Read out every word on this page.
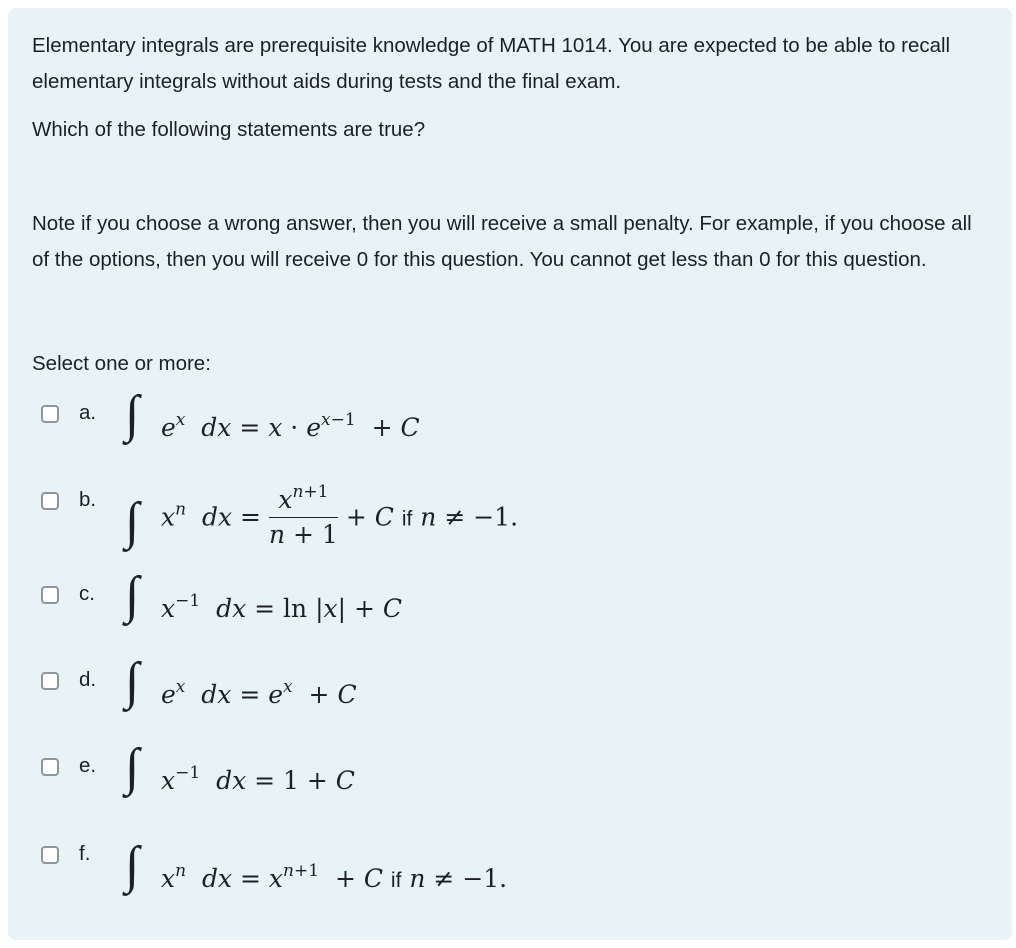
Elementary integrals are prerequisite knowledge of MATH 1014. You are expected to be able to recall elementary integrals without aids during tests and the final exam.

Which of the following statements are true?

Note if you choose a wrong answer, then you will receive a small penalty. For example, if you choose all of the options, then you will receive 0 for this question. You cannot get less than 0 for this question.

Select one or more:

a. ∫ $e^x$  dx = $x \cdot e^{x-1} + C$
b. ∫ $x^n$  dx = $\frac{x^{n+1}}{n + 1} + C$ if n ≠ −1.
c. ∫ $x^{-1}$  dx = ln |x| + C
d. ∫ $e^x$  dx = $e^x + C$
e. ∫ $x^{-1}$  dx = 1 + C
f. ∫ $x^n$  dx = $x^{n+1} + C$ if n ≠ −1.
